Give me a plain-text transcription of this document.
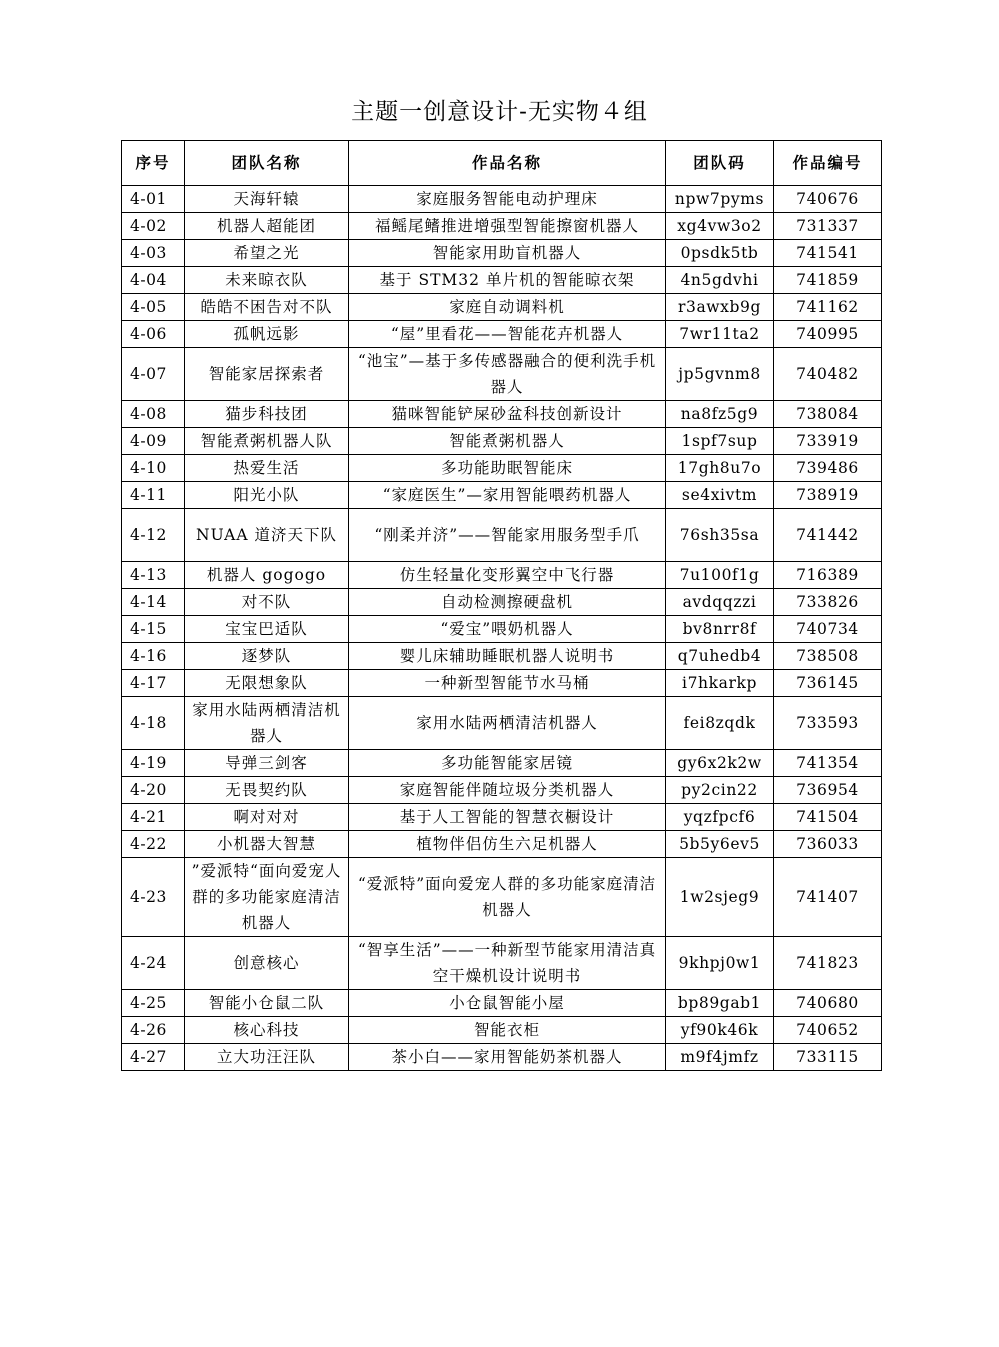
主题一创意设计-无实物４组
序号	团队名称	作品名称	团队码	作品编号
4-01	天海轩辕	家庭服务智能电动护理床	npw7pyms	740676
4-02	机器人超能团	福鳐尾鳍推进增强型智能擦窗机器人	xg4vw3o2	731337
4-03	希望之光	智能家用助盲机器人	0psdk5tb	741541
4-04	未来晾衣队	基于 STM32 单片机的智能晾衣架	4n5gdvhi	741859
4-05	皓皓不困告对不队	家庭自动调料机	r3awxb9g	741162
4-06	孤帆远影	“屋”里看花——智能花卉机器人	7wr11ta2	740995
4-07	智能家居探索者	“池宝”—基于多传感器融合的便利洗手机器人	jp5gvnm8	740482
4-08	猫步科技团	猫咪智能铲屎砂盆科技创新设计	na8fz5g9	738084
4-09	智能煮粥机器人队	智能煮粥机器人	1spf7sup	733919
4-10	热爱生活	多功能助眠智能床	17gh8u7o	739486
4-11	阳光小队	“家庭医生”—家用智能喂药机器人	se4xivtm	738919
4-12	NUAA 道济天下队	“刚柔并济”——智能家用服务型手爪	76sh35sa	741442
4-13	机器人 gogogo	仿生轻量化变形翼空中飞行器	7u100f1g	716389
4-14	对不队	自动检测擦硬盘机	avdqqzzi	733826
4-15	宝宝巴适队	“爱宝”喂奶机器人	bv8nrr8f	740734
4-16	逐梦队	婴儿床辅助睡眠机器人说明书	q7uhedb4	738508
4-17	无限想象队	一种新型智能节水马桶	i7hkarkp	736145
4-18	家用水陆两栖清洁机器人	家用水陆两栖清洁机器人	fei8zqdk	733593
4-19	导弹三剑客	多功能智能家居镜	gy6x2k2w	741354
4-20	无畏契约队	家庭智能伴随垃圾分类机器人	py2cin22	736954
4-21	啊对对对	基于人工智能的智慧衣橱设计	yqzfpcf6	741504
4-22	小机器大智慧	植物伴侣仿生六足机器人	5b5y6ev5	736033
4-23	”爱派特“面向爱宠人群的多功能家庭清洁机器人	“爱派特”面向爱宠人群的多功能家庭清洁机器人	1w2sjeg9	741407
4-24	创意核心	“智享生活”——一种新型节能家用清洁真空干燥机设计说明书	9khpj0w1	741823
4-25	智能小仓鼠二队	小仓鼠智能小屋	bp89gab1	740680
4-26	核心科技	智能衣柜	yf90k46k	740652
4-27	立大功汪汪队	茶小白——家用智能奶茶机器人	m9f4jmfz	733115
